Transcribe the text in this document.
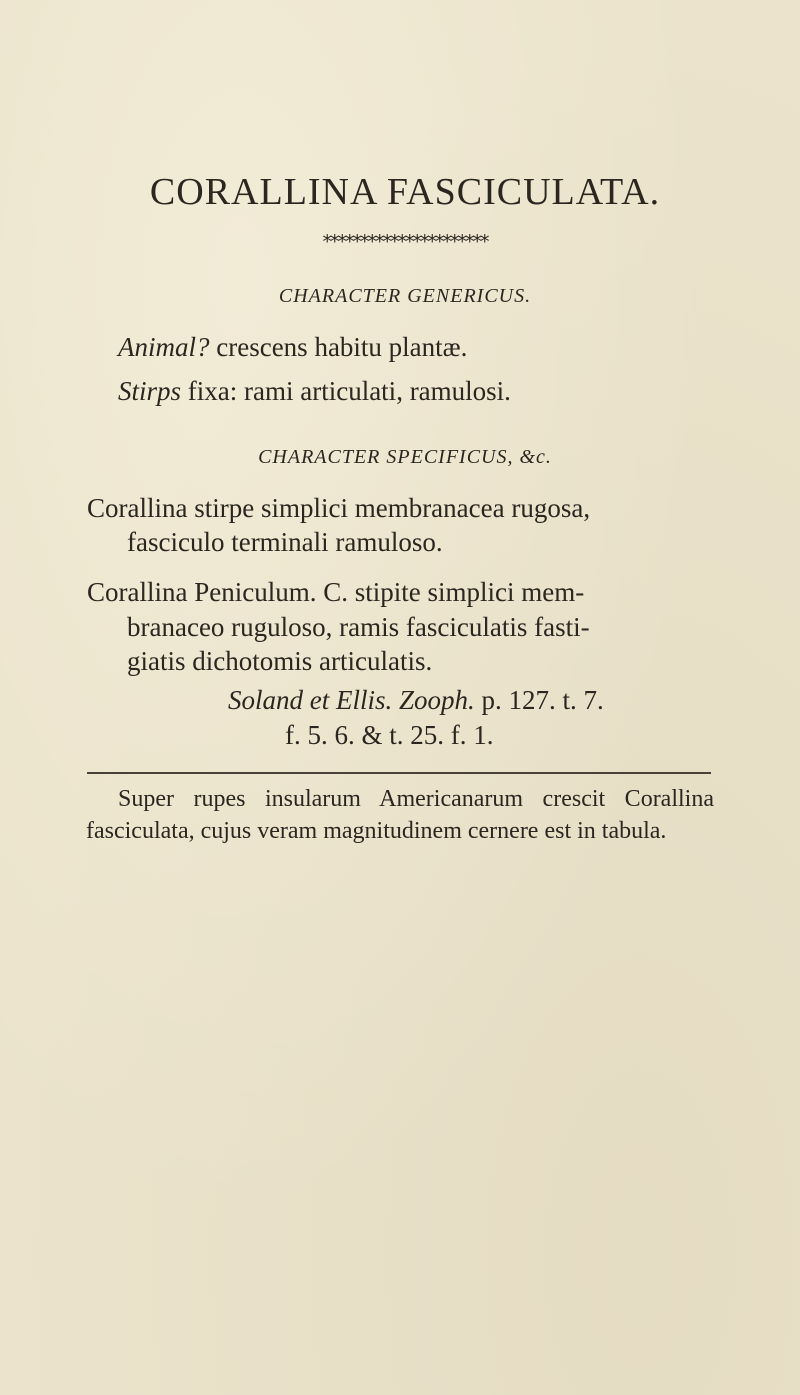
CORALLINA FASCICULATA.
**********************
CHARACTER GENERICUS.
Animal? crescens habitu plantæ.
Stirps fixa: rami articulati, ramulosi.
CHARACTER SPECIFICUS, &c.
Corallina stirpe simplici membranacea rugosa,
fasciculo terminali ramuloso.
Corallina Peniculum. C. stipite simplici mem-
branaceo ruguloso, ramis fasciculatis fasti-
giatis dichotomis articulatis.
Soland et Ellis. Zooph. p. 127. t. 7.
f. 5. 6. & t. 25. f. 1.
Super rupes insularum Americanarum crescit Corallina fasciculata, cujus veram magnitudinem cernere est in tabula.
